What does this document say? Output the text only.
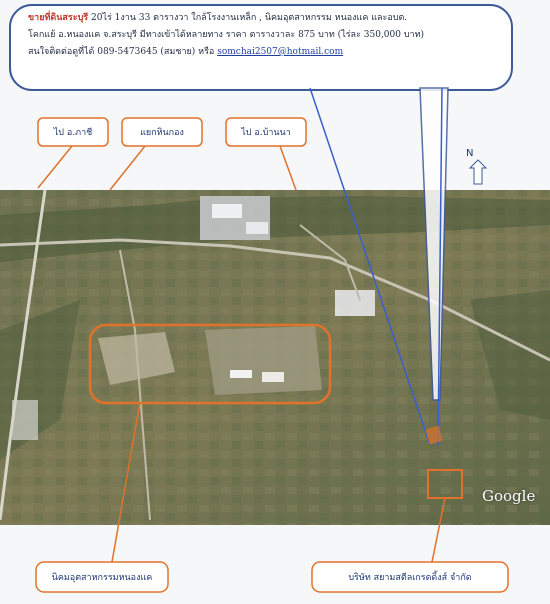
ขายที่ดินสระบุรี 20ไร่ 1งาน 33 ตารางวา ใกล้โรงงานเหล็ก , นิคมอุตสาหกรรม หนองแค และอบต.
โคกแย้ อ.หนองแค จ.สระบุรี มีทางเข้าได้หลายทาง ราคา ตารางวาละ 875 บาท (ไร่ละ 350,000 บาท)
สนใจติดต่อดูที่ได้ 089-5473645 (สมชาย) หรือ somchai2507@hotmail.com
ไป อ.ภาชี	แยกหินกอง	ไป อ.บ้านนา
นิคมอุตสาหกรรมหนองแค	บริษัท สยามสตีลเกรดดิ้งส์ จำกัด
N
Google
